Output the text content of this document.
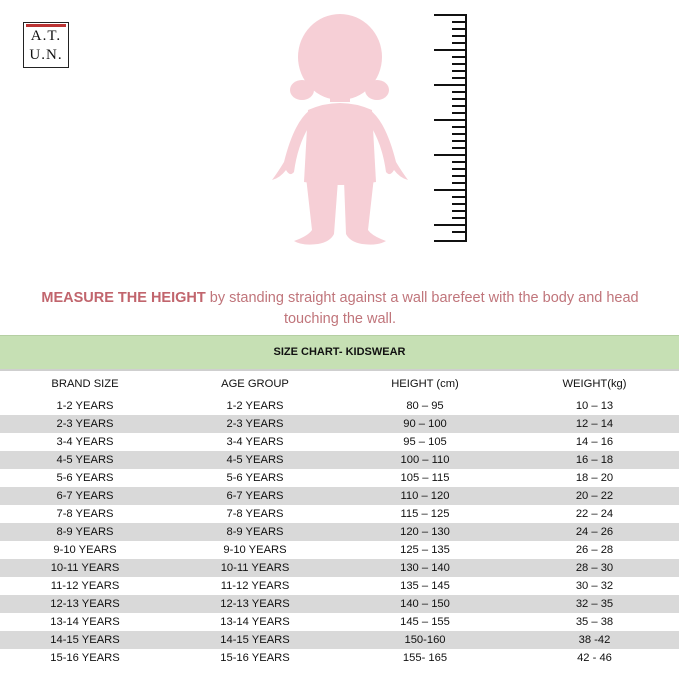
A.T.
U.N.
MEASURE THE HEIGHT by standing straight against a wall barefeet with the body and head touching the wall.
SIZE CHART- KIDSWEAR			
BRAND SIZE	AGE GROUP	HEIGHT (cm)	WEIGHT(kg)
1-2 YEARS	1-2 YEARS	80 – 95	10 – 13
2-3 YEARS	2-3 YEARS	90 – 100	12 – 14
3-4 YEARS	3-4 YEARS	95 – 105	14 – 16
4-5 YEARS	4-5 YEARS	100 – 110	16 – 18
5-6 YEARS	5-6 YEARS	105 – 115	18 – 20
6-7 YEARS	6-7 YEARS	110 – 120	20 – 22
7-8 YEARS	7-8 YEARS	115 – 125	22 – 24
8-9 YEARS	8-9 YEARS	120 – 130	24 – 26
9-10 YEARS	9-10 YEARS	125 – 135	26 – 28
10-11 YEARS	10-11 YEARS	130 – 140	28 – 30
11-12 YEARS	11-12 YEARS	135 – 145	30 – 32
12-13 YEARS	12-13 YEARS	140 – 150	32 – 35
13-14 YEARS	13-14 YEARS	145 – 155	35 – 38
14-15 YEARS	14-15 YEARS	150-160	38 -42
15-16 YEARS	15-16 YEARS	155- 165	42 - 46
